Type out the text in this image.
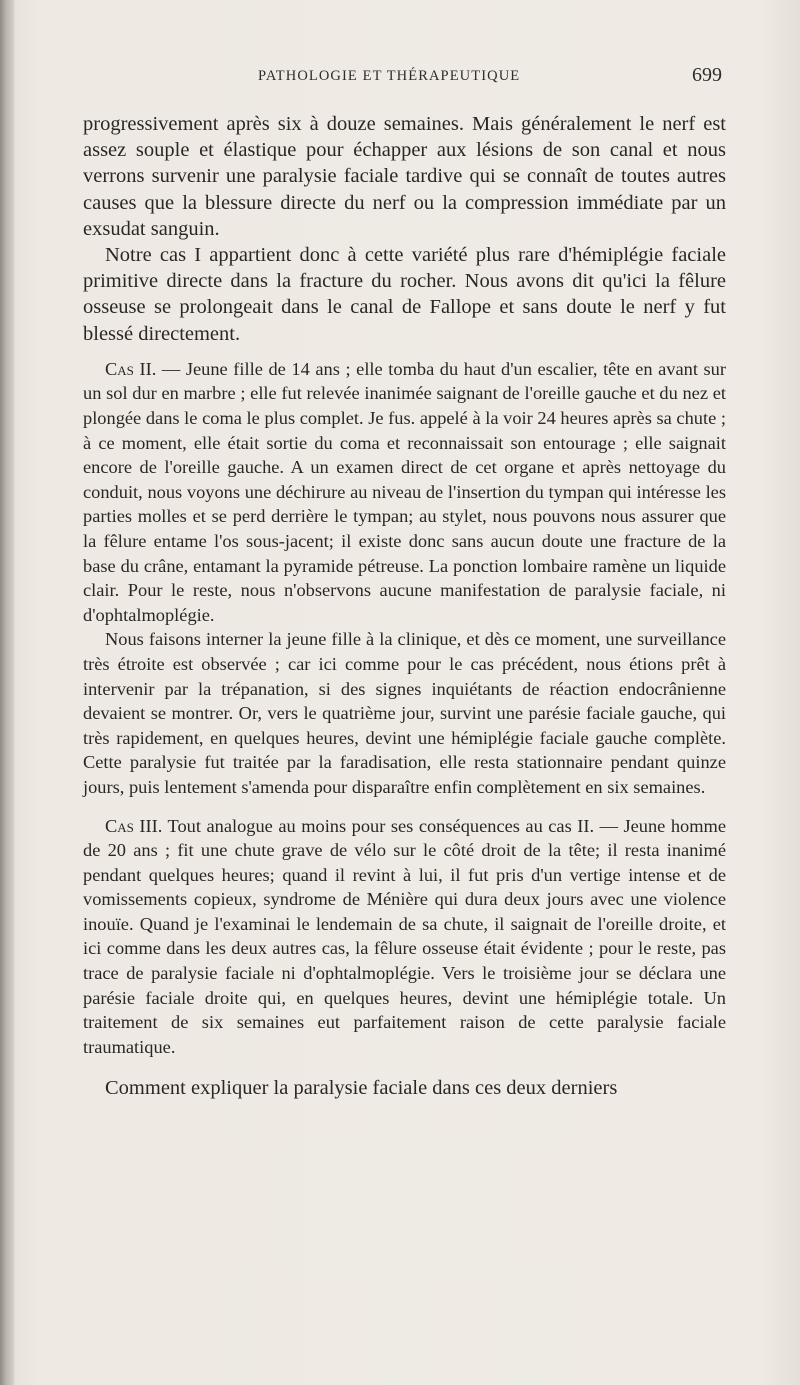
PATHOLOGIE ET THÉRAPEUTIQUE	699

progressivement après six à douze semaines. Mais généralement le nerf est assez souple et élastique pour échapper aux lésions de son canal et nous verrons survenir une paralysie faciale tardive qui se connaît de toutes autres causes que la blessure directe du nerf ou la compression immédiate par un exsudat sanguin.

Notre cas I appartient donc à cette variété plus rare d'hémiplégie faciale primitive directe dans la fracture du rocher. Nous avons dit qu'ici la fêlure osseuse se prolongeait dans le canal de Fallope et sans doute le nerf y fut blessé directement.

Cas II. — Jeune fille de 14 ans ; elle tomba du haut d'un escalier, tête en avant sur un sol dur en marbre ; elle fut relevée inanimée saignant de l'oreille gauche et du nez et plongée dans le coma le plus complet. Je fus. appelé à la voir 24 heures après sa chute ; à ce moment, elle était sortie du coma et reconnaissait son entourage ; elle saignait encore de l'oreille gauche. A un examen direct de cet organe et après nettoyage du conduit, nous voyons une déchirure au niveau de l'insertion du tympan qui intéresse les parties molles et se perd derrière le tympan; au stylet, nous pouvons nous assurer que la fêlure entame l'os sous-jacent; il existe donc sans aucun doute une fracture de la base du crâne, entamant la pyramide pétreuse. La ponction lombaire ramène un liquide clair. Pour le reste, nous n'observons aucune manifestation de paralysie faciale, ni d'ophtalmoplégie.

Nous faisons interner la jeune fille à la clinique, et dès ce moment, une surveillance très étroite est observée ; car ici comme pour le cas précédent, nous étions prêt à intervenir par la trépanation, si des signes inquiétants de réaction endocrânienne devaient se montrer. Or, vers le quatrième jour, survint une parésie faciale gauche, qui très rapidement, en quelques heures, devint une hémiplégie faciale gauche complète. Cette paralysie fut traitée par la faradisation, elle resta stationnaire pendant quinze jours, puis lentement s'amenda pour disparaître enfin complètement en six semaines.

Cas III. Tout analogue au moins pour ses conséquences au cas II. — Jeune homme de 20 ans ; fit une chute grave de vélo sur le côté droit de la tête; il resta inanimé pendant quelques heures; quand il revint à lui, il fut pris d'un vertige intense et de vomissements copieux, syndrome de Ménière qui dura deux jours avec une violence inouïe. Quand je l'examinai le lendemain de sa chute, il saignait de l'oreille droite, et ici comme dans les deux autres cas, la fêlure osseuse était évidente ; pour le reste, pas trace de paralysie faciale ni d'ophtalmoplégie. Vers le troisième jour se déclara une parésie faciale droite qui, en quelques heures, devint une hémiplégie totale. Un traitement de six semaines eut parfaitement raison de cette paralysie faciale traumatique.

Comment expliquer la paralysie faciale dans ces deux derniers
